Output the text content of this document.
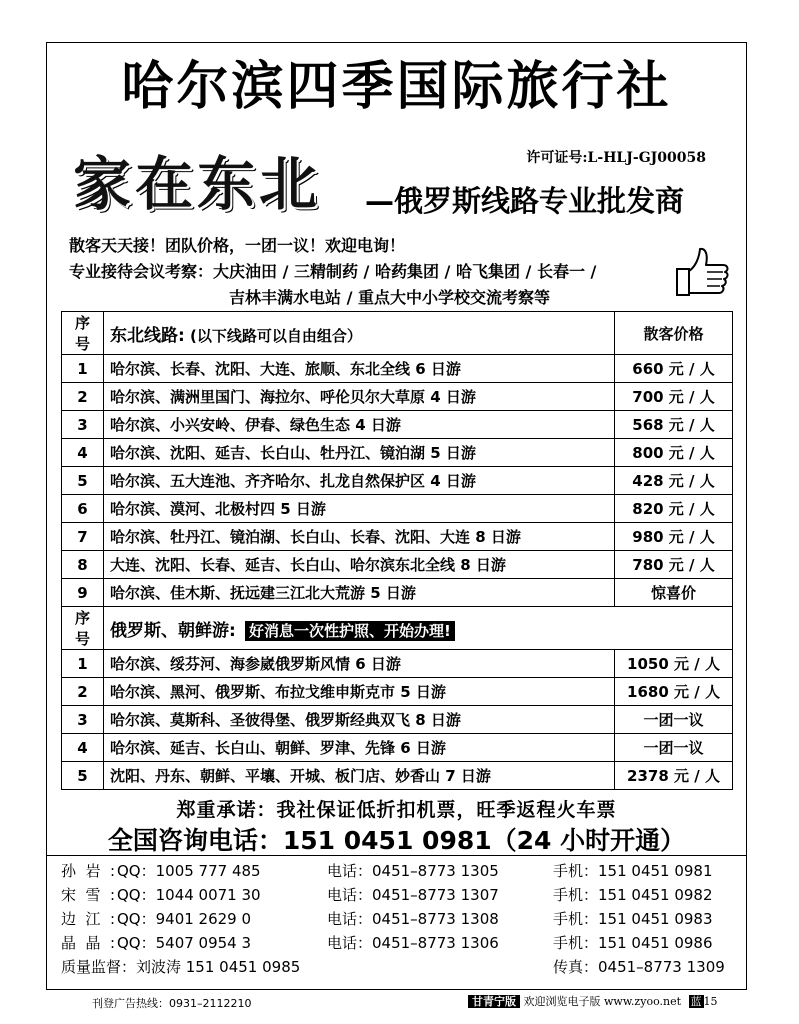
哈尔滨四季国际旅行社
许可证号:L-HLJ-GJ00058
家在东北 —俄罗斯线路专业批发商
散客天天接！团队价格，一团一议！欢迎电询！
专业接待会议考察：大庆油田 / 三精制药 / 哈药集团 / 哈飞集团 / 长春一 /
吉林丰满水电站 / 重点大中小学校交流考察等
序号	东北线路: (以下线路可以自由组合）	散客价格
1	哈尔滨、长春、沈阳、大连、旅顺、东北全线 6 日游	660 元 / 人
2	哈尔滨、满洲里国门、海拉尔、呼伦贝尔大草原 4 日游	700 元 / 人
3	哈尔滨、小兴安岭、伊春、绿色生态 4 日游	568 元 / 人
4	哈尔滨、沈阳、延吉、长白山、牡丹江、镜泊湖 5 日游	800 元 / 人
5	哈尔滨、五大连池、齐齐哈尔、扎龙自然保护区 4 日游	428 元 / 人
6	哈尔滨、漠河、北极村四 5 日游	820 元 / 人
7	哈尔滨、牡丹江、镜泊湖、长白山、长春、沈阳、大连 8 日游	980 元 / 人
8	大连、沈阳、长春、延吉、长白山、哈尔滨东北全线 8 日游	780 元 / 人
9	哈尔滨、佳木斯、抚远建三江北大荒游 5 日游	惊喜价
序号	俄罗斯、朝鲜游: 好消息一次性护照、开始办理!	
1	哈尔滨、绥芬河、海参崴俄罗斯风情 6 日游	1050 元 / 人
2	哈尔滨、黑河、俄罗斯、布拉戈维申斯克市 5 日游	1680 元 / 人
3	哈尔滨、莫斯科、圣彼得堡、俄罗斯经典双飞 8 日游	一团一议
4	哈尔滨、延吉、长白山、朝鲜、罗津、先锋 6 日游	一团一议
5	沈阳、丹东、朝鲜、平壤、开城、板门店、妙香山 7 日游	2378 元 / 人
郑重承诺：我社保证低折扣机票，旺季返程火车票
全国咨询电话：151 0451 0981（24 小时开通）
孙岩: QQ：1005 777 485	电话：0451–8773 1305	手机：151 0451 0981
宋雪: QQ：1044 0071 30	电话：0451–8773 1307	手机：151 0451 0982
边江: QQ：9401 2629 0	电话：0451–8773 1308	手机：151 0451 0983
晶晶: QQ：5407 0954 3	电话：0451–8773 1306	手机：151 0451 0986
质量监督：刘波涛 151 0451 0985	传真：0451–8773 1309
刊登广告热线：0931–2112210	甘青宁版 欢迎浏览电子版 www.zyoo.net 蓝 15
